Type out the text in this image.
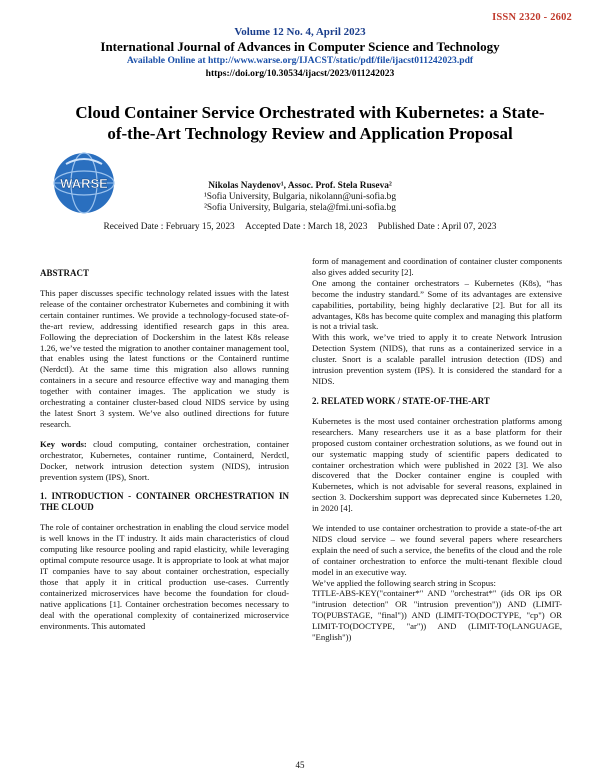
ISSN 2320 - 2602
Volume 12 No. 4, April 2023
International Journal of Advances in Computer Science and Technology
Available Online at http://www.warse.org/IJACST/static/pdf/file/ijacst011242023.pdf
https://doi.org/10.30534/ijacst/2023/011242023
WARSE
Cloud Container Service Orchestrated with Kubernetes: a State-of-the-Art Technology Review and Application Proposal
Nikolas Naydenov¹, Assoc. Prof. Stela Ruseva²
¹Sofia University, Bulgaria, nikolann@uni-sofia.bg
²Sofia University, Bulgaria, stela@fmi.uni-sofia.bg
Received Date : February 15, 2023 Accepted Date : March 18, 2023 Published Date : April 07, 2023
ABSTRACT

This paper discusses specific technology related issues with the latest release of the container orchestrator Kubernetes and combining it with certain container runtimes. We provide a technology-focused state-of-the-art review, addressing identified research gaps in this area. Following the depreciation of Dockershim in the latest K8s release 1.26, we’ve tested the migration to another container management tool, that enables using the latest functions or the Containerd runtime (Nerdctl). At the same time this migration also allows running containers in a secure and resource effective way and managing them together with container images. The application we study is orchestrating a container cluster-based cloud NIDS service by using the latest Snort 3 system. We’ve also outlined directions for future research.

Key words: cloud computing, container orchestration, container orchestrator, Kubernetes, container runtime, Containerd, Nerdctl, Docker, network intrusion detection system (NIDS), intrusion prevention system (IPS), Snort.

1. INTRODUCTION - CONTAINER ORCHESTRATION IN THE CLOUD

The role of container orchestration in enabling the cloud service model is well knows in the IT industry. It aids main characteristics of cloud computing like resource pooling and rapid elasticity, while leveraging optimal compute resource usage. It is appropriate to look at what major IT companies have to say about container orchestration, especially those that apply it in critical production use-cases. Currently containerized microservices have become the foundation for cloud-native applications [1]. Container orchestration becomes necessary to deal with the operational complexity of containerized microservice environments. This automated

form of management and coordination of container cluster components also gives added security [2].

One among the container orchestrators – Kubernetes (K8s), “has become the industry standard.” Some of its advantages are extensive capabilities, portability, being highly declarative [2]. But for all its advantages, K8s has become quite complex and managing this platform is not a trivial task.

With this work, we’ve tried to apply it to create Network Intrusion Detection System (NIDS), that runs as a containerized service in a cluster. Snort is a scalable parallel intrusion detection (IDS) and intrusion prevention system (IPS). It is considered the standard for a NIDS.

2. RELATED WORK / STATE-OF-THE-ART

Kubernetes is the most used container orchestration platforms among researchers. Many researchers use it as a base platform for their proposed custom container orchestration solutions, as we found out in our systematic mapping study of scientific papers dedicated to container orchestration which were published in 2022 [3]. We also discovered that the Docker container engine is coupled with Kubernetes, which is not advisable for several reasons, explained in section 3. Dockershim support was deprecated since Kubernetes 1.20, in 2020 [4].

We intended to use container orchestration to provide a state-of-the art NIDS cloud service – we found several papers where researchers explain the need of such a service, the benefits of the cloud and the role of container orchestration to enforce the multi-tenant flexible cloud model in an executive way.

We’ve applied the following search string in Scopus:

TITLE-ABS-KEY("container*" AND "orchestrat*" (ids OR ips OR "intrusion detection" OR "intrusion prevention")) AND (LIMIT-TO(PUBSTAGE, "final")) AND (LIMIT-TO(DOCTYPE, "cp") OR LIMIT-TO(DOCTYPE, "ar")) AND (LIMIT-TO(LANGUAGE, "English"))

45
